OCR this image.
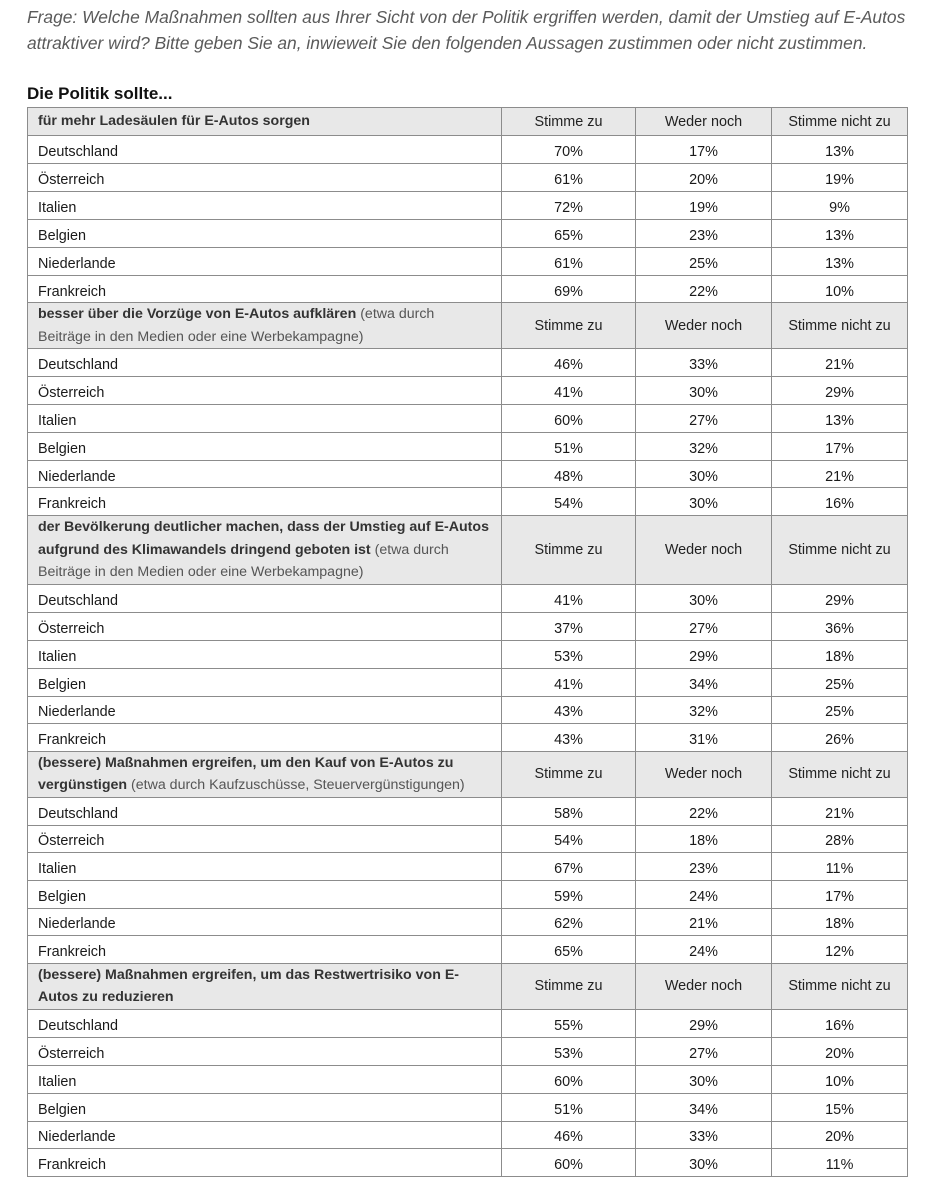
Frage: Welche Maßnahmen sollten aus Ihrer Sicht von der Politik ergriffen werden, damit der Umstieg auf E-Autos attraktiver wird? Bitte geben Sie an, inwieweit Sie den folgenden Aussagen zustimmen oder nicht zustimmen.
Die Politik sollte...
für mehr Ladesäulen für E-Autos sorgen	Stimme zu	Weder noch	Stimme nicht zu
Deutschland	70%	17%	13%
Österreich	61%	20%	19%
Italien	72%	19%	9%
Belgien	65%	23%	13%
Niederlande	61%	25%	13%
Frankreich	69%	22%	10%
besser über die Vorzüge von E-Autos aufklären (etwa durch Beiträge in den Medien oder eine Werbekampagne)	Stimme zu	Weder noch	Stimme nicht zu
Deutschland	46%	33%	21%
Österreich	41%	30%	29%
Italien	60%	27%	13%
Belgien	51%	32%	17%
Niederlande	48%	30%	21%
Frankreich	54%	30%	16%
der Bevölkerung deutlicher machen, dass der Umstieg auf E-Autos aufgrund des Klimawandels dringend geboten ist (etwa durch Beiträge in den Medien oder eine Werbekampagne)	Stimme zu	Weder noch	Stimme nicht zu
Deutschland	41%	30%	29%
Österreich	37%	27%	36%
Italien	53%	29%	18%
Belgien	41%	34%	25%
Niederlande	43%	32%	25%
Frankreich	43%	31%	26%
(bessere) Maßnahmen ergreifen, um den Kauf von E-Autos zu vergünstigen (etwa durch Kaufzuschüsse, Steuervergünstigungen)	Stimme zu	Weder noch	Stimme nicht zu
Deutschland	58%	22%	21%
Österreich	54%	18%	28%
Italien	67%	23%	11%
Belgien	59%	24%	17%
Niederlande	62%	21%	18%
Frankreich	65%	24%	12%
(bessere) Maßnahmen ergreifen, um das Restwertrisiko von E-Autos zu reduzieren	Stimme zu	Weder noch	Stimme nicht zu
Deutschland	55%	29%	16%
Österreich	53%	27%	20%
Italien	60%	30%	10%
Belgien	51%	34%	15%
Niederlande	46%	33%	20%
Frankreich	60%	30%	11%
